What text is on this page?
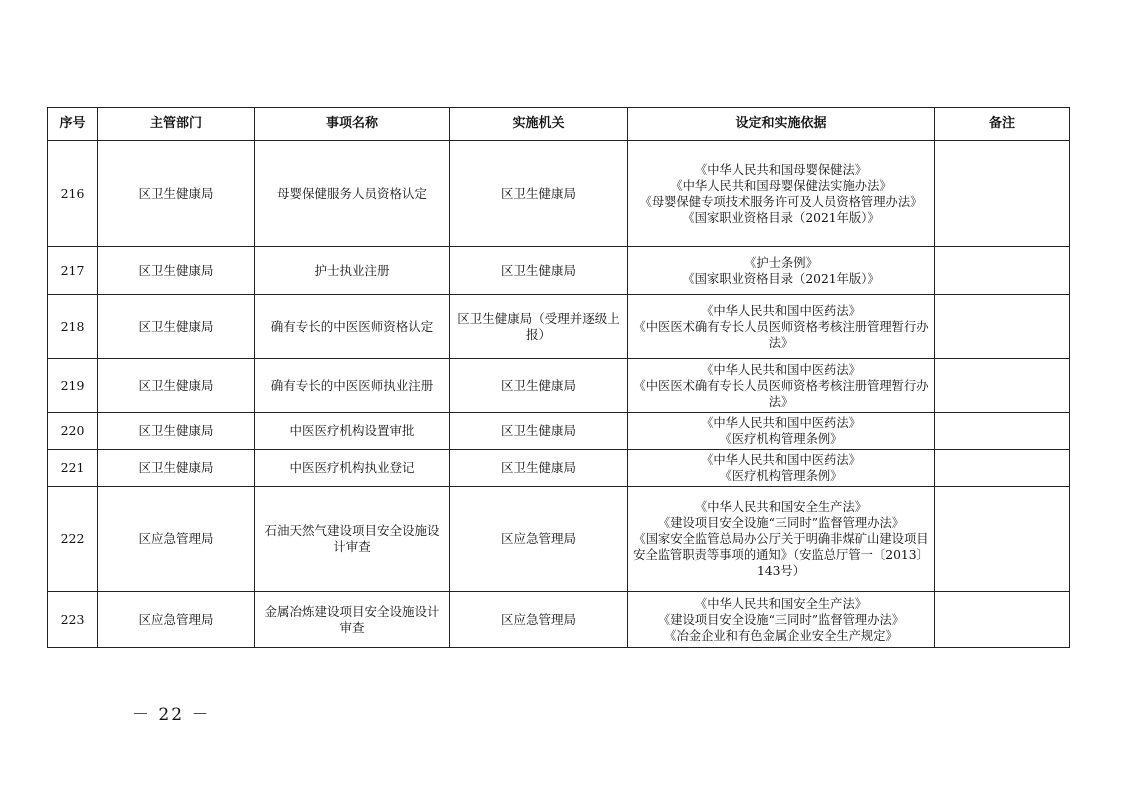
序号	主管部门	事项名称	实施机关	设定和实施依据	备注
216	区卫生健康局	母婴保健服务人员资格认定	区卫生健康局	《中华人民共和国母婴保健法》
《中华人民共和国母婴保健法实施办法》
《母婴保健专项技术服务许可及人员资格管理办法》
《国家职业资格目录（2021年版）》	

217	区卫生健康局	护士执业注册	区卫生健康局	《护士条例》
《国家职业资格目录（2021年版）》	

218	区卫生健康局	确有专长的中医医师资格认定	区卫生健康局（受理并逐级上报）	《中华人民共和国中医药法》
《中医医术确有专长人员医师资格考核注册管理暂行办法》	

219	区卫生健康局	确有专长的中医医师执业注册	区卫生健康局	《中华人民共和国中医药法》
《中医医术确有专长人员医师资格考核注册管理暂行办法》	

220	区卫生健康局	中医医疗机构设置审批	区卫生健康局	《中华人民共和国中医药法》
《医疗机构管理条例》	

221	区卫生健康局	中医医疗机构执业登记	区卫生健康局	《中华人民共和国中医药法》
《医疗机构管理条例》	

222	区应急管理局	石油天然气建设项目安全设施设计审查	区应急管理局	《中华人民共和国安全生产法》
《建设项目安全设施“三同时”监督管理办法》
《国家安全监管总局办公厅关于明确非煤矿山建设项目安全监管职责等事项的通知》（安监总厅管一〔2013〕143号）	

223	区应急管理局	金属冶炼建设项目安全设施设计审查	区应急管理局	《中华人民共和国安全生产法》
《建设项目安全设施“三同时”监督管理办法》
《冶金企业和有色金属企业安全生产规定》	

－ 22 －
